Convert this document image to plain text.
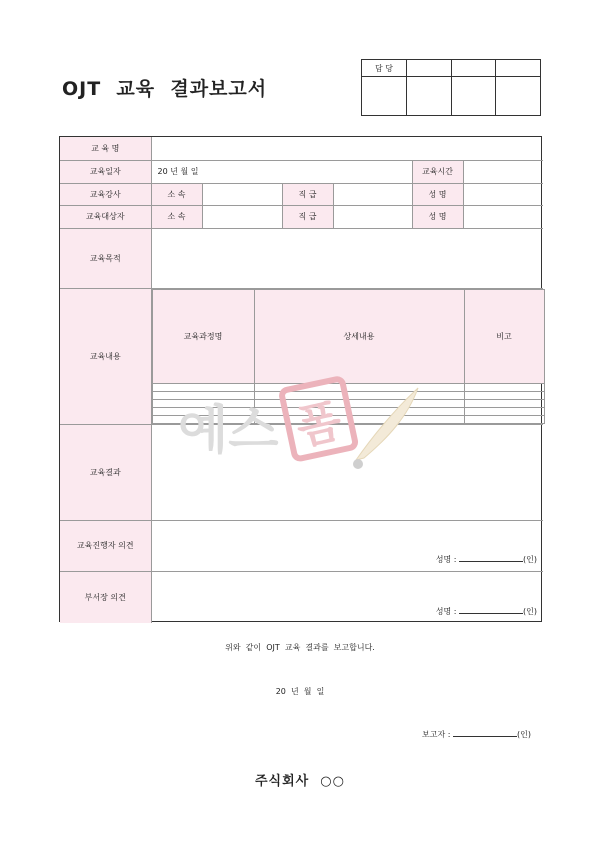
OJT  교육  결과보고서
담 당			

교 육 명	
교육일자	20 년 월 일	교육시간	
교육강사	소 속		직 급		성 명	
교육대상자	소 속		직 급		성 명	
교육목적	
교육내용	
교육과정명	상세내용	비고

교육결과	
교육진행자 의견	
성명 :	(인)

부서장 의견	
성명 :	(인)
예스 폼
위와  같이  OJT  교육  결과를  보고합니다.
20  년  월  일
보고자 :	(인)
주식회사  ○○
